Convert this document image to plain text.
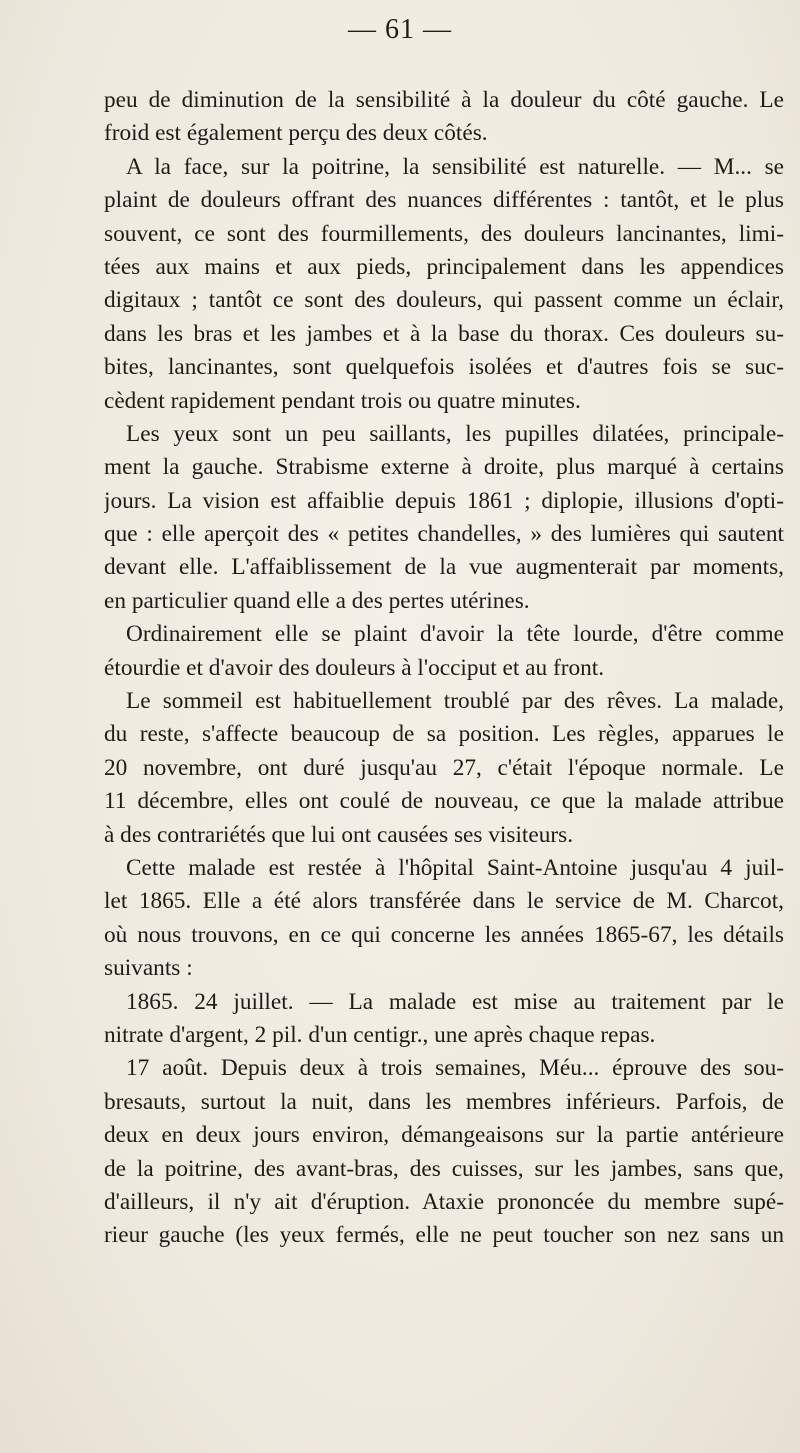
— 61 —
peu de diminution de la sensibilité à la douleur du côté gauche. Le
froid est également perçu des deux côtés.
A la face, sur la poitrine, la sensibilité est naturelle. — M... se
plaint de douleurs offrant des nuances différentes : tantôt, et le plus
souvent, ce sont des fourmillements, des douleurs lancinantes, limi-
tées aux mains et aux pieds, principalement dans les appendices
digitaux ; tantôt ce sont des douleurs, qui passent comme un éclair,
dans les bras et les jambes et à la base du thorax. Ces douleurs su-
bites, lancinantes, sont quelquefois isolées et d'autres fois se suc-
cèdent rapidement pendant trois ou quatre minutes.
Les yeux sont un peu saillants, les pupilles dilatées, principale-
ment la gauche. Strabisme externe à droite, plus marqué à certains
jours. La vision est affaiblie depuis 1861 ; diplopie, illusions d'opti-
que : elle aperçoit des « petites chandelles, » des lumières qui sautent
devant elle. L'affaiblissement de la vue augmenterait par moments,
en particulier quand elle a des pertes utérines.
Ordinairement elle se plaint d'avoir la tête lourde, d'être comme
étourdie et d'avoir des douleurs à l'occiput et au front.
Le sommeil est habituellement troublé par des rêves. La malade,
du reste, s'affecte beaucoup de sa position. Les règles, apparues le
20 novembre, ont duré jusqu'au 27, c'était l'époque normale. Le
11 décembre, elles ont coulé de nouveau, ce que la malade attribue
à des contrariétés que lui ont causées ses visiteurs.
Cette malade est restée à l'hôpital Saint-Antoine jusqu'au 4 juil-
let 1865. Elle a été alors transférée dans le service de M. Charcot,
où nous trouvons, en ce qui concerne les années 1865-67, les détails
suivants :
1865. 24 juillet. — La malade est mise au traitement par le
nitrate d'argent, 2 pil. d'un centigr., une après chaque repas.
17 août. Depuis deux à trois semaines, Méu... éprouve des sou-
bresauts, surtout la nuit, dans les membres inférieurs. Parfois, de
deux en deux jours environ, démangeaisons sur la partie antérieure
de la poitrine, des avant-bras, des cuisses, sur les jambes, sans que,
d'ailleurs, il n'y ait d'éruption. Ataxie prononcée du membre supé-
rieur gauche (les yeux fermés, elle ne peut toucher son nez sans un
